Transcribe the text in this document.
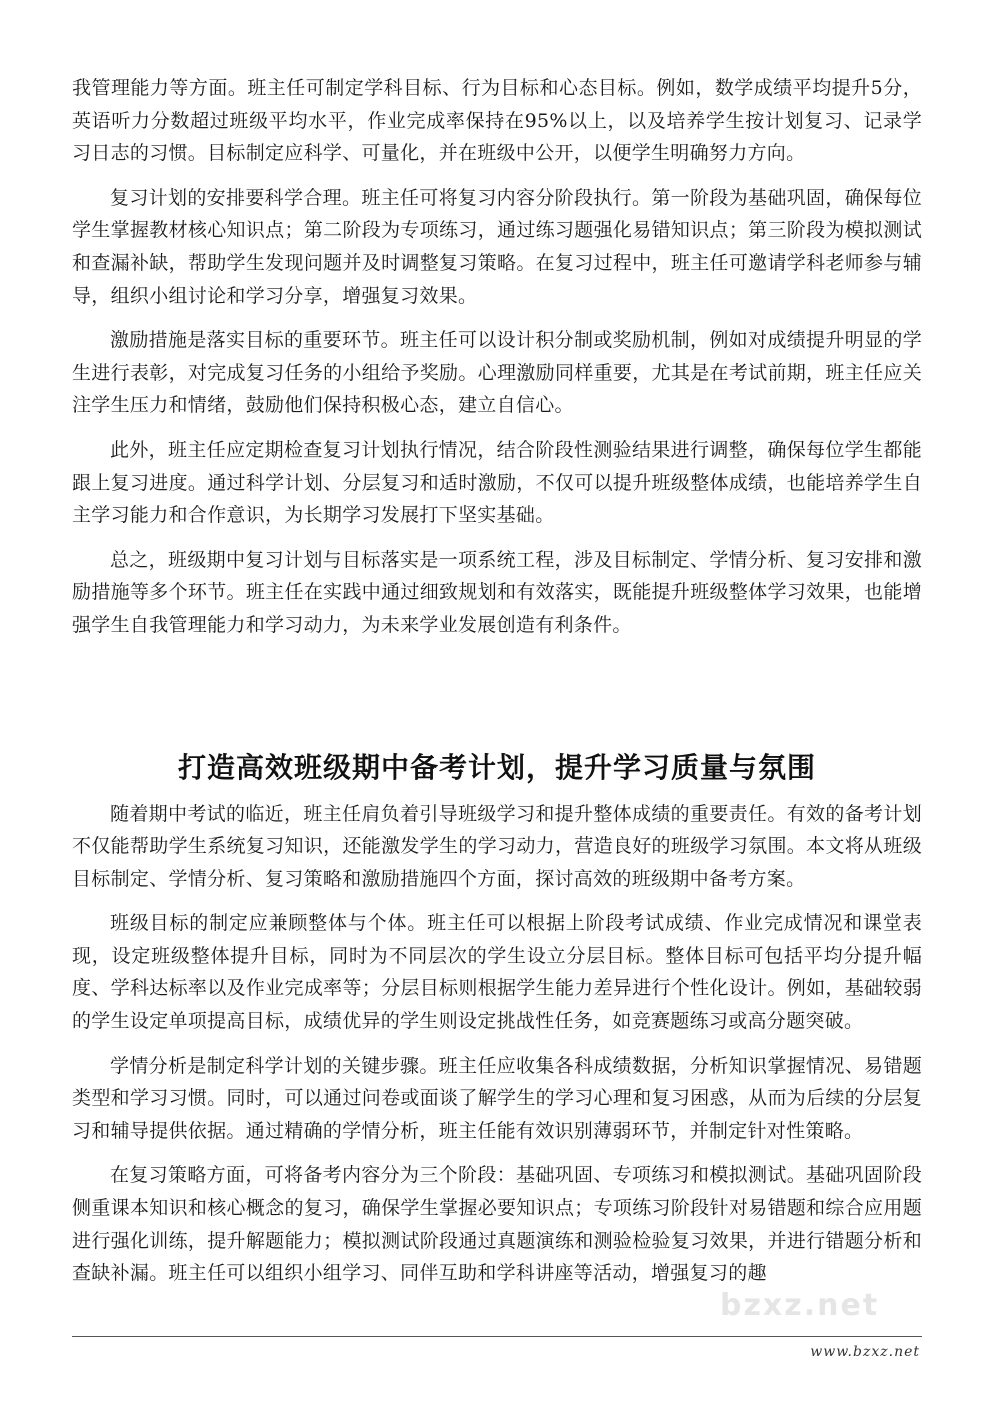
我管理能力等方面。班主任可制定学科目标、行为目标和心态目标。例如，数学成绩平均提升5分，英语听力分数超过班级平均水平，作业完成率保持在95%以上，以及培养学生按计划复习、记录学习日志的习惯。目标制定应科学、可量化，并在班级中公开，以便学生明确努力方向。

复习计划的安排要科学合理。班主任可将复习内容分阶段执行。第一阶段为基础巩固，确保每位学生掌握教材核心知识点；第二阶段为专项练习，通过练习题强化易错知识点；第三阶段为模拟测试和查漏补缺，帮助学生发现问题并及时调整复习策略。在复习过程中，班主任可邀请学科老师参与辅导，组织小组讨论和学习分享，增强复习效果。

激励措施是落实目标的重要环节。班主任可以设计积分制或奖励机制，例如对成绩提升明显的学生进行表彰，对完成复习任务的小组给予奖励。心理激励同样重要，尤其是在考试前期，班主任应关注学生压力和情绪，鼓励他们保持积极心态，建立自信心。

此外，班主任应定期检查复习计划执行情况，结合阶段性测验结果进行调整，确保每位学生都能跟上复习进度。通过科学计划、分层复习和适时激励，不仅可以提升班级整体成绩，也能培养学生自主学习能力和合作意识，为长期学习发展打下坚实基础。

总之，班级期中复习计划与目标落实是一项系统工程，涉及目标制定、学情分析、复习安排和激励措施等多个环节。班主任在实践中通过细致规划和有效落实，既能提升班级整体学习效果，也能增强学生自我管理能力和学习动力，为未来学业发展创造有利条件。

打造高效班级期中备考计划，提升学习质量与氛围

随着期中考试的临近，班主任肩负着引导班级学习和提升整体成绩的重要责任。有效的备考计划不仅能帮助学生系统复习知识，还能激发学生的学习动力，营造良好的班级学习氛围。本文将从班级目标制定、学情分析、复习策略和激励措施四个方面，探讨高效的班级期中备考方案。

班级目标的制定应兼顾整体与个体。班主任可以根据上阶段考试成绩、作业完成情况和课堂表现，设定班级整体提升目标，同时为不同层次的学生设立分层目标。整体目标可包括平均分提升幅度、学科达标率以及作业完成率等；分层目标则根据学生能力差异进行个性化设计。例如，基础较弱的学生设定单项提高目标，成绩优异的学生则设定挑战性任务，如竞赛题练习或高分题突破。

学情分析是制定科学计划的关键步骤。班主任应收集各科成绩数据，分析知识掌握情况、易错题类型和学习习惯。同时，可以通过问卷或面谈了解学生的学习心理和复习困惑，从而为后续的分层复习和辅导提供依据。通过精确的学情分析，班主任能有效识别薄弱环节，并制定针对性策略。

在复习策略方面，可将备考内容分为三个阶段：基础巩固、专项练习和模拟测试。基础巩固阶段侧重课本知识和核心概念的复习，确保学生掌握必要知识点；专项练习阶段针对易错题和综合应用题进行强化训练，提升解题能力；模拟测试阶段通过真题演练和测验检验复习效果，并进行错题分析和查缺补漏。班主任可以组织小组学习、同伴互助和学科讲座等活动，增强复习的趣

bzxz.net
www.bzxz.net
